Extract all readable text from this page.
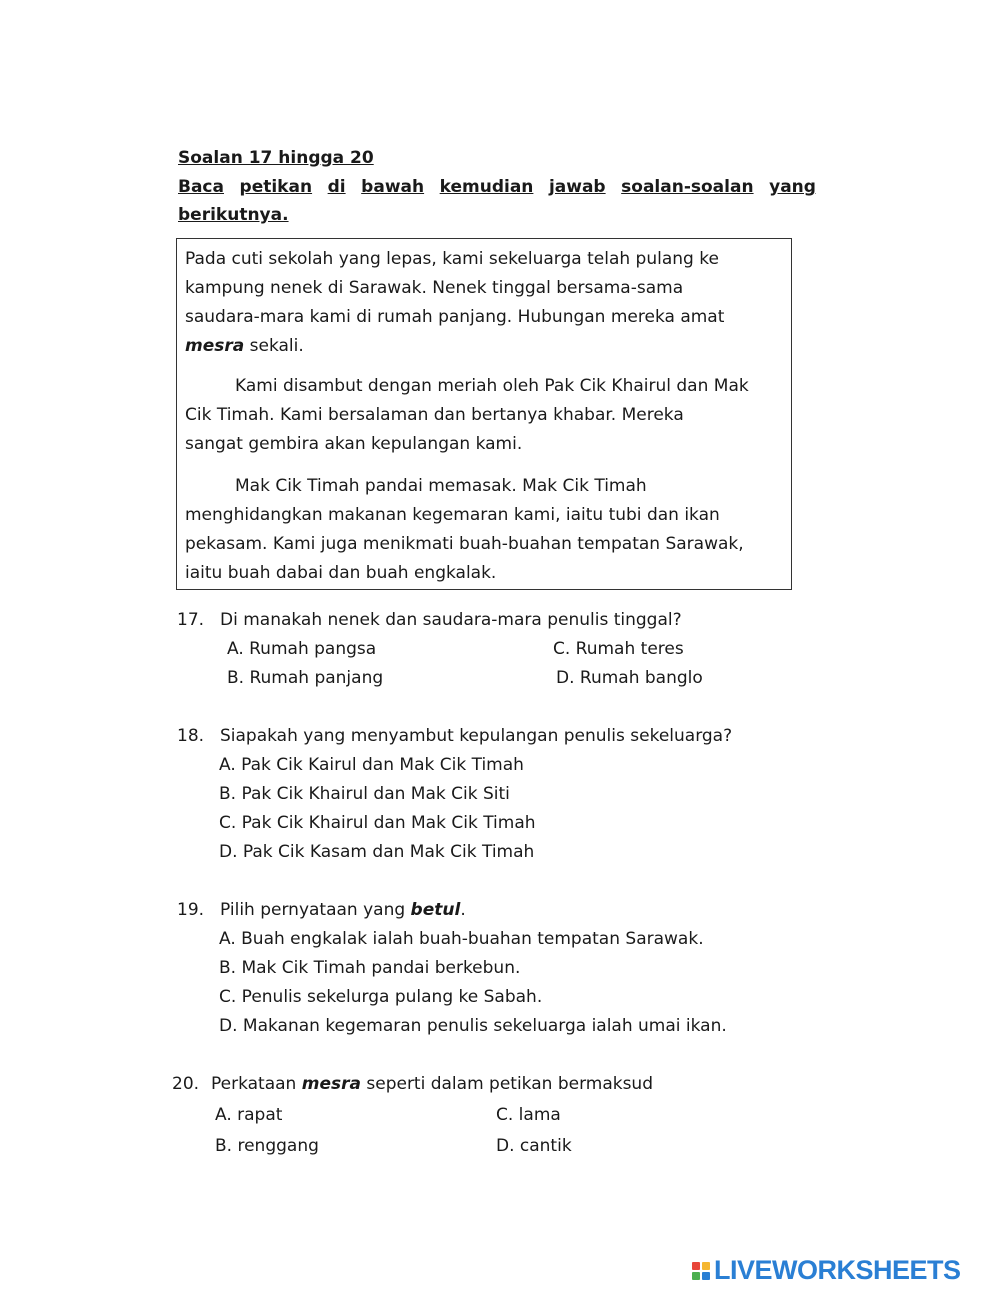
Soalan 17 hingga 20
Baca petikan di bawah kemudian jawab soalan-soalan yang
berikutnya.
Pada cuti sekolah yang lepas, kami sekeluarga telah pulang ke
kampung nenek di Sarawak. Nenek tinggal bersama-sama
saudara-mara kami di rumah panjang. Hubungan mereka amat
mesra sekali.
Kami disambut dengan meriah oleh Pak Cik Khairul dan Mak
Cik Timah. Kami bersalaman dan bertanya khabar. Mereka
sangat gembira akan kepulangan kami.
Mak Cik Timah pandai memasak. Mak Cik Timah
menghidangkan makanan kegemaran kami, iaitu tubi dan ikan
pekasam. Kami juga menikmati buah-buahan tempatan Sarawak,
iaitu buah dabai dan buah engkalak.
17. Di manakah nenek dan saudara-mara penulis tinggal?
A. Rumah pangsa	C. Rumah teres
B. Rumah panjang	D. Rumah banglo
18. Siapakah yang menyambut kepulangan penulis sekeluarga?
A. Pak Cik Kairul dan Mak Cik Timah
B. Pak Cik Khairul dan Mak Cik Siti
C. Pak Cik Khairul dan Mak Cik Timah
D. Pak Cik Kasam dan Mak Cik Timah
19. Pilih pernyataan yang betul.
A. Buah engkalak ialah buah-buahan tempatan Sarawak.
B. Mak Cik Timah pandai berkebun.
C. Penulis sekelurga pulang ke Sabah.
D. Makanan kegemaran penulis sekeluarga ialah umai ikan.
20. Perkataan mesra seperti dalam petikan bermaksud
A. rapat	C. lama
B. renggang	D. cantik
LIVEWORKSHEETS
